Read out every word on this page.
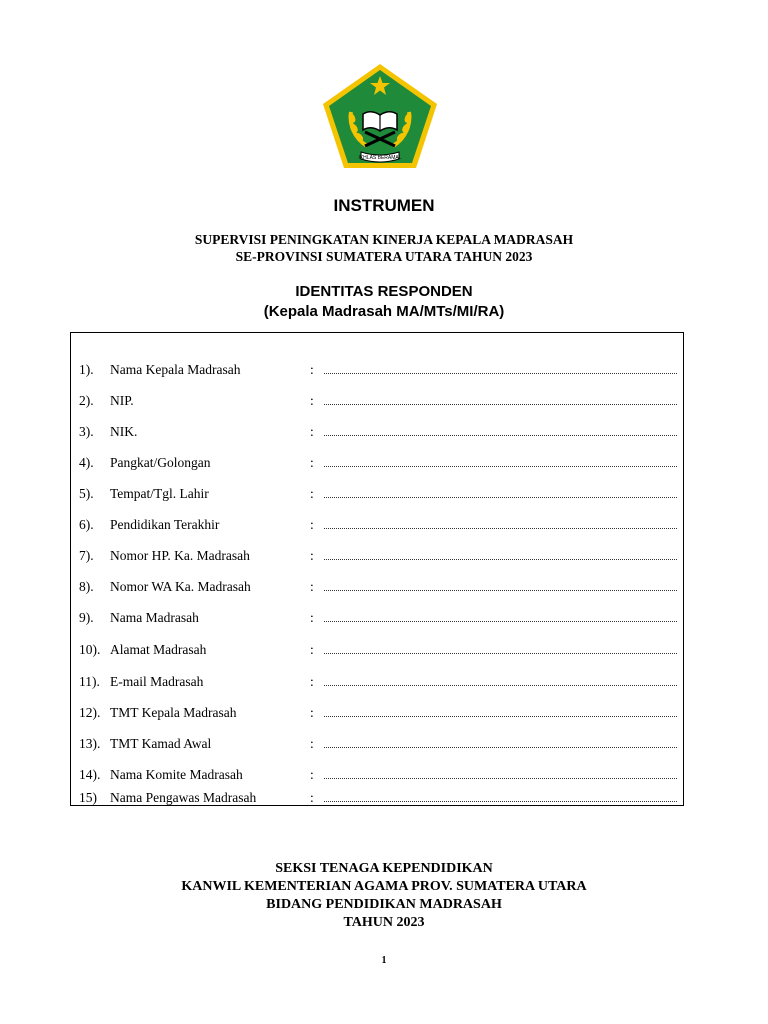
IKHLAS BERAMAL
INSTRUMEN
SUPERVISI PENINGKATAN KINERJA KEPALA MADRASAH
SE-PROVINSI SUMATERA UTARA TAHUN 2023
IDENTITAS RESPONDEN
(Kepala Madrasah MA/MTs/MI/RA)
1). Nama Kepala Madrasah	:
2). NIP.	:
3). NIK.	:
4). Pangkat/Golongan	:
5). Tempat/Tgl. Lahir	:
6). Pendidikan Terakhir	:
7). Nomor HP. Ka. Madrasah	:
8). Nomor WA Ka. Madrasah	:
9). Nama Madrasah	:
10). Alamat Madrasah	:
11). E-mail Madrasah	:
12). TMT Kepala Madrasah	:
13). TMT Kamad Awal	:
14). Nama Komite Madrasah	:
15) Nama Pengawas Madrasah	:
SEKSI TENAGA KEPENDIDIKAN
KANWIL KEMENTERIAN AGAMA PROV. SUMATERA UTARA
BIDANG PENDIDIKAN MADRASAH
TAHUN 2023
1
